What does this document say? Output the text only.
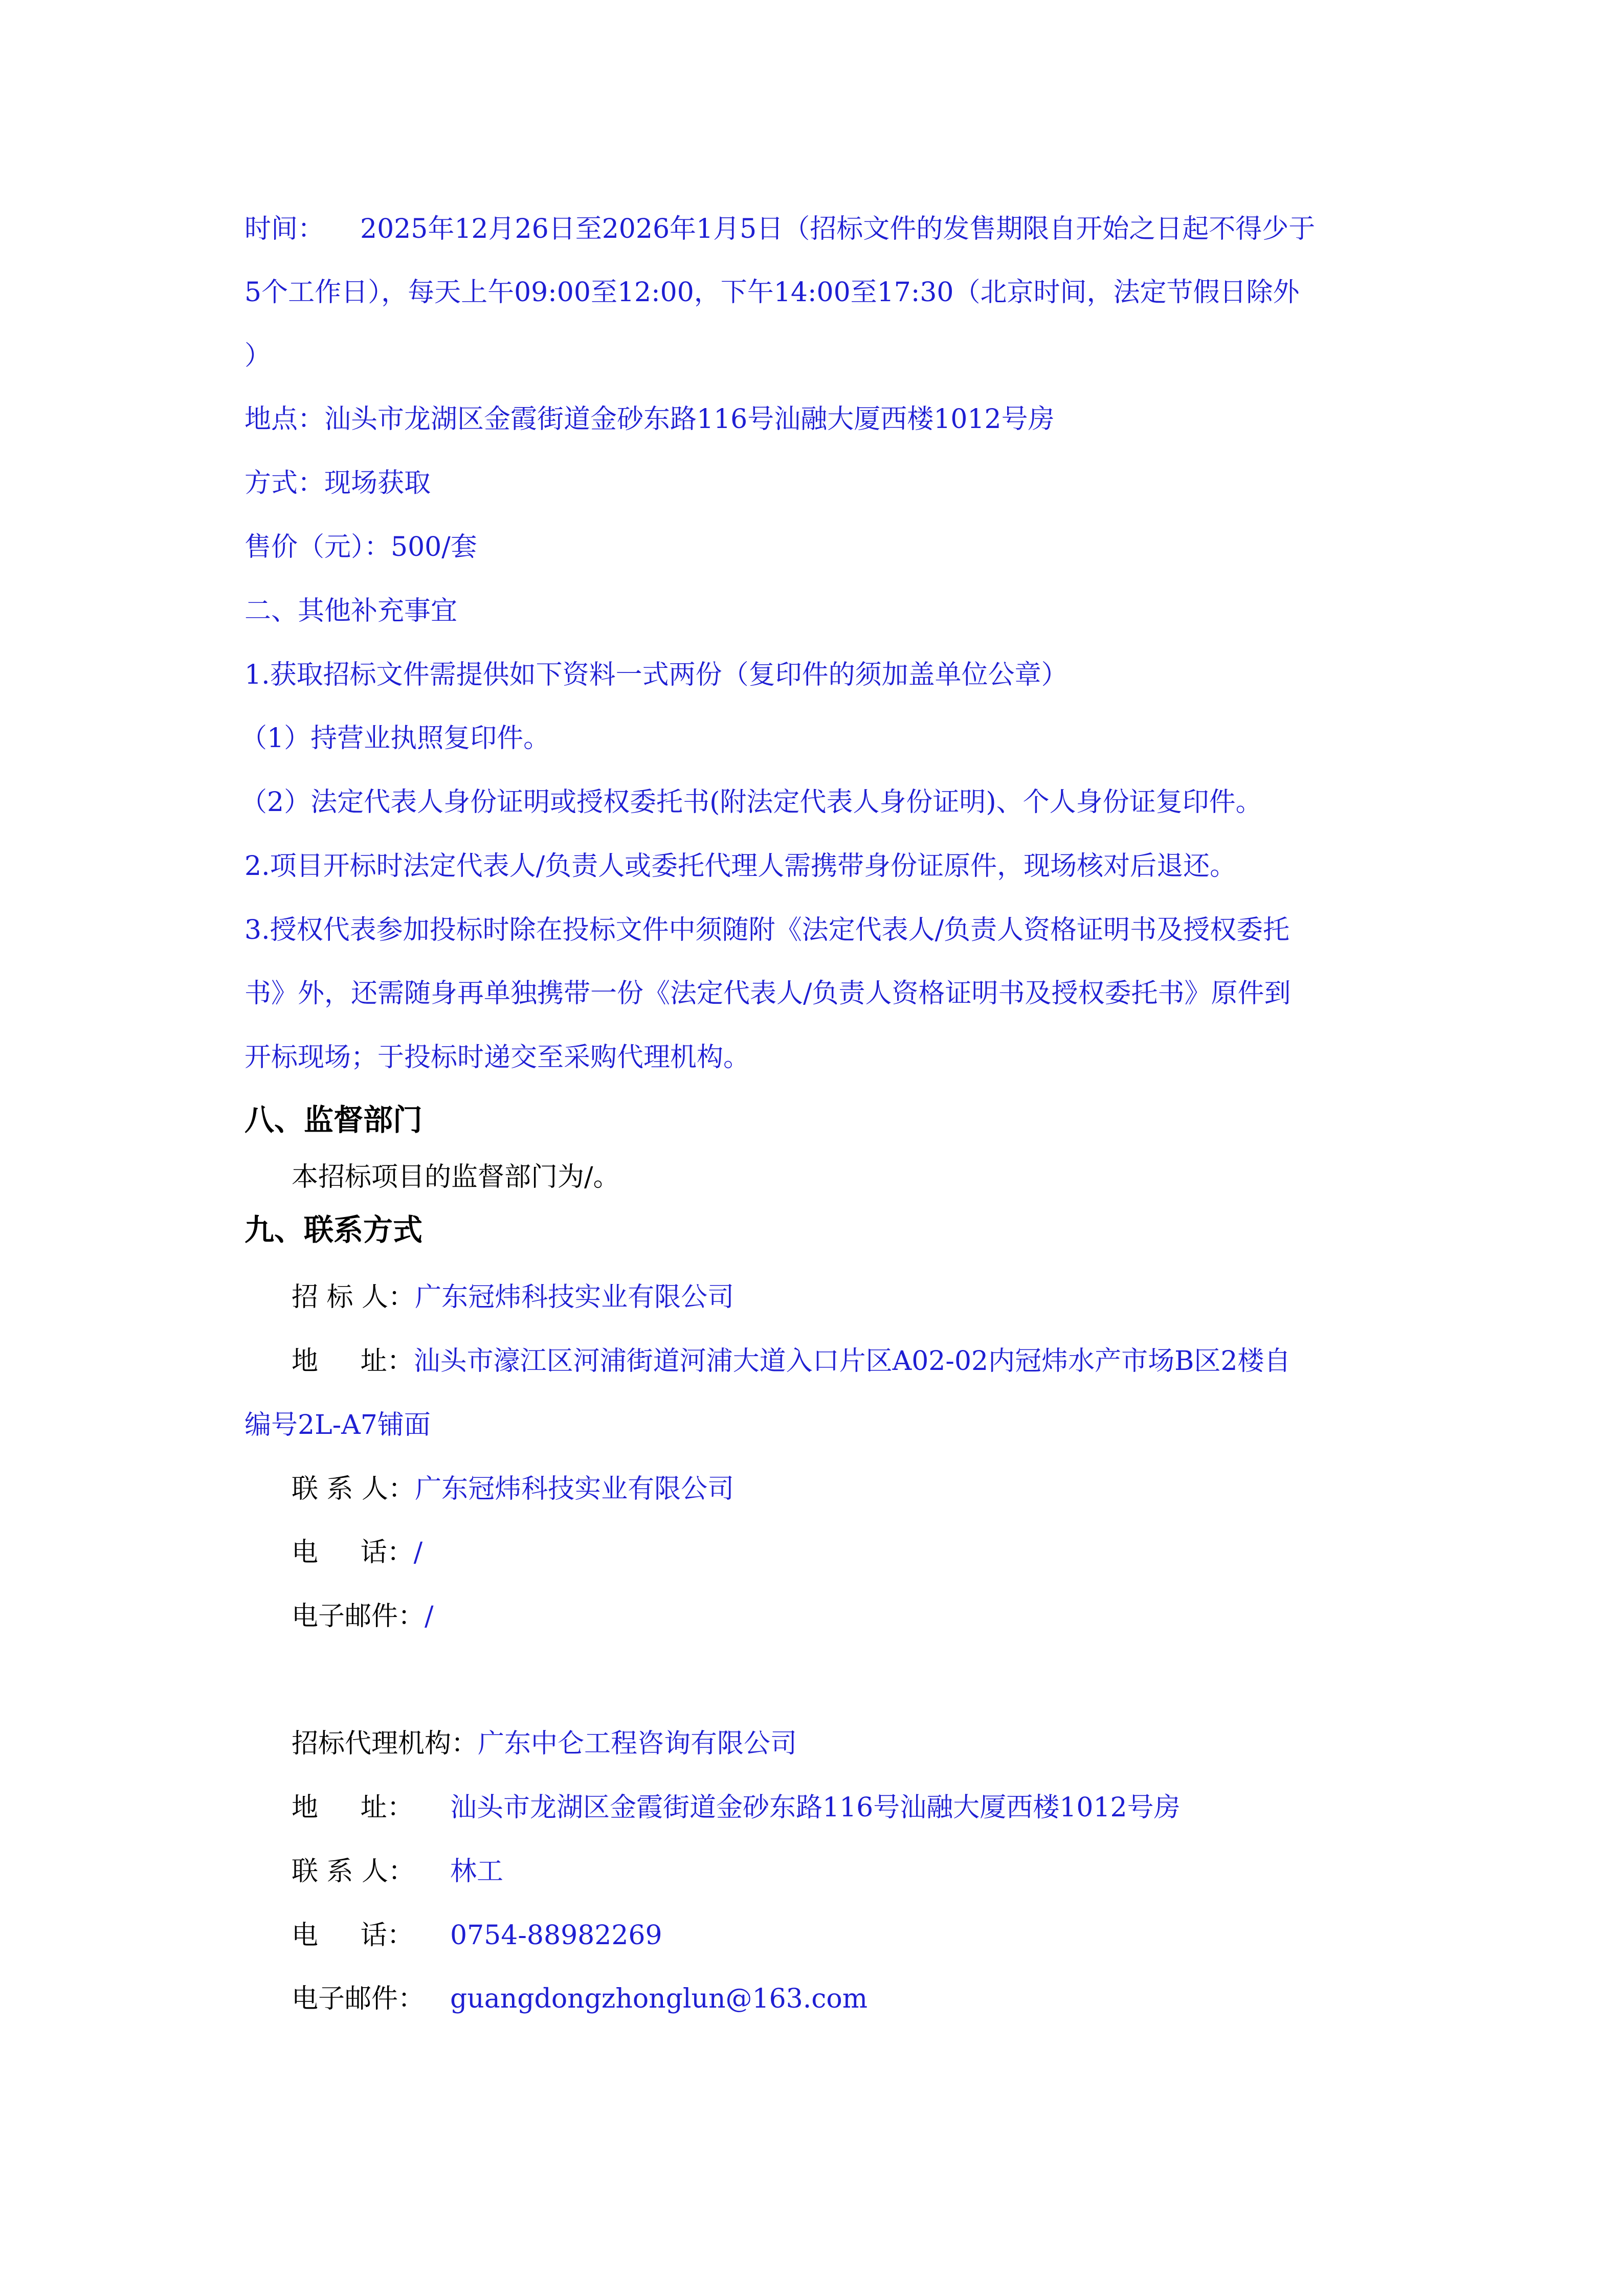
时间： 2025年12月26日至2026年1月5日（招标文件的发售期限自开始之日起不得少于
5个工作日），每天上午09:00至12:00，下午14:00至17:30（北京时间，法定节假日除外
）
地点：汕头市龙湖区金霞街道金砂东路116号汕融大厦西楼1012号房
方式：现场获取
售价（元）：500/套
二、其他补充事宜
1.获取招标文件需提供如下资料一式两份（复印件的须加盖单位公章）
（1）持营业执照复印件。
（2）法定代表人身份证明或授权委托书(附法定代表人身份证明)、个人身份证复印件。
2.项目开标时法定代表人/负责人或委托代理人需携带身份证原件，现场核对后退还。
3.授权代表参加投标时除在投标文件中须随附《法定代表人/负责人资格证明书及授权委托
书》外，还需随身再单独携带一份《法定代表人/负责人资格证明书及授权委托书》原件到
开标现场；于投标时递交至采购代理机构。
八、监督部门
本招标项目的监督部门为/。
九、联系方式
招 标 人：广东冠炜科技实业有限公司
地     址：汕头市濠江区河浦街道河浦大道入口片区A02-02内冠炜水产市场B区2楼自
编号2L-A7铺面
联 系 人：广东冠炜科技实业有限公司
电     话：/
电子邮件：/
招标代理机构：广东中仑工程咨询有限公司
地     址： 汕头市龙湖区金霞街道金砂东路116号汕融大厦西楼1012号房
联 系 人： 林工
电     话： 0754-88982269
电子邮件： guangdongzhonglun@163.com
